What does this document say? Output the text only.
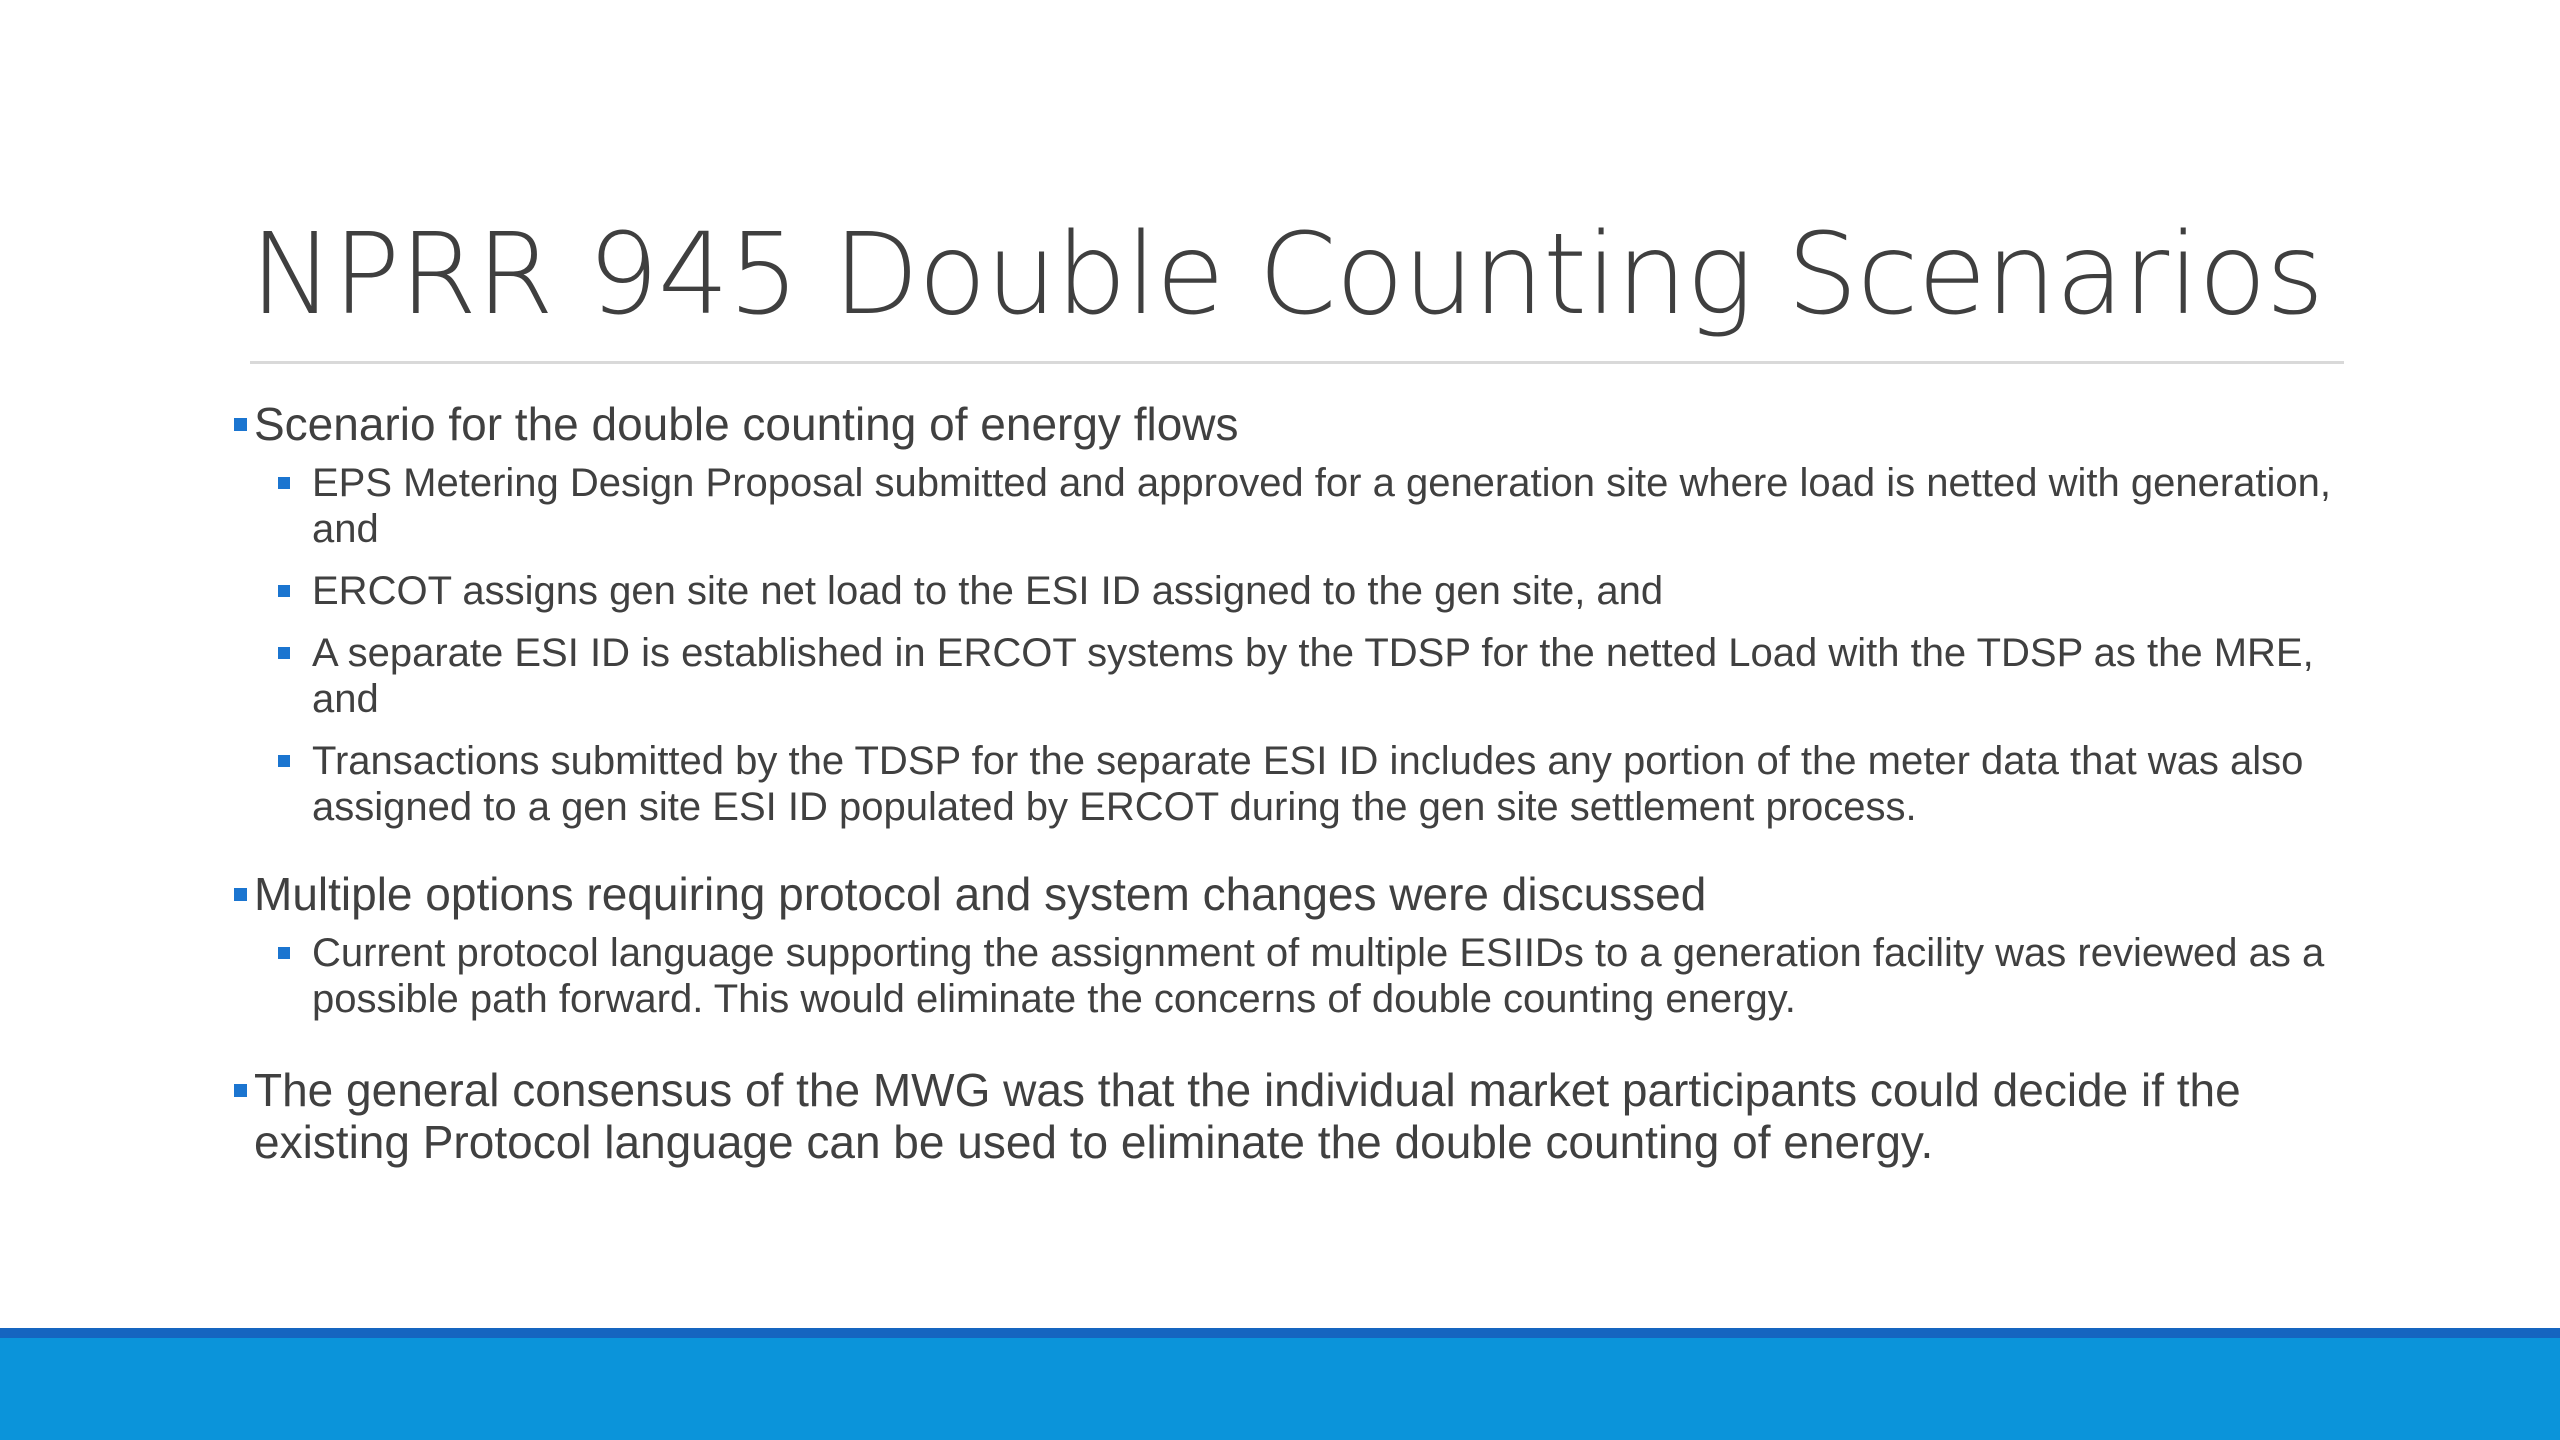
NPRR 945 Double Counting Scenarios
Scenario for the double counting of energy flows
EPS Metering Design Proposal submitted and approved for a generation site where load is netted with generation, and
ERCOT assigns gen site net load to the ESI ID assigned to the gen site, and
A separate ESI ID is established in ERCOT systems by the TDSP for the netted Load with the TDSP as the MRE, and
Transactions submitted by the TDSP for the separate ESI ID includes any portion of the meter data that was also assigned to a gen site ESI ID populated by ERCOT during the gen site settlement process.
Multiple options requiring protocol and system changes were discussed
Current protocol language supporting the assignment of multiple ESIIDs to a generation facility was reviewed as a possible path forward. This would eliminate the concerns of double counting energy.
The general consensus of the MWG was that the individual market participants could decide if the existing Protocol language can be used to eliminate the double counting of energy.
